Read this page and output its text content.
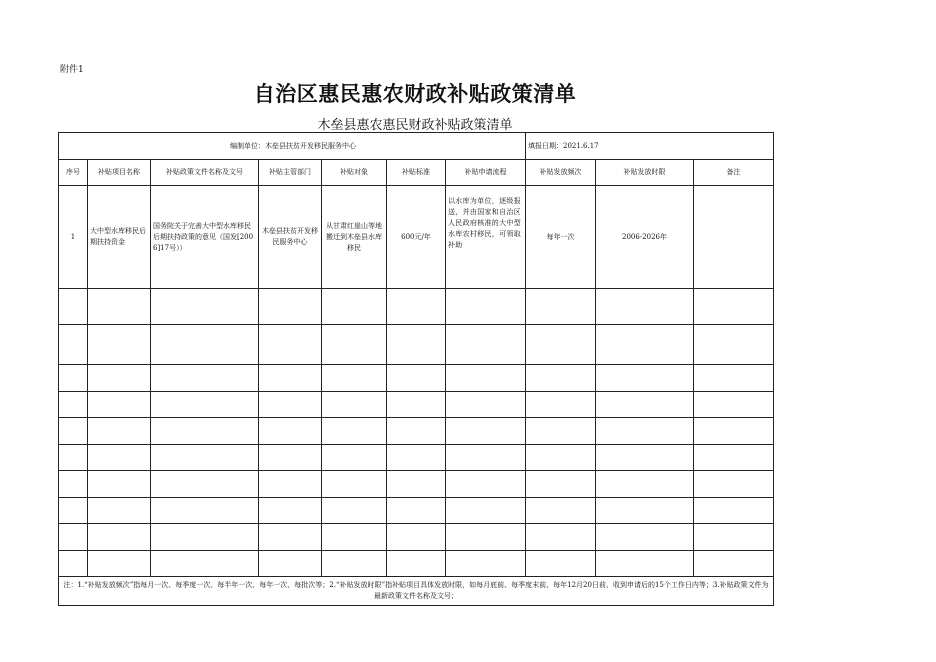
附件1
自治区惠民惠农财政补贴政策清单
木垒县惠农惠民财政补贴政策清单
编制单位：木垒县扶贫开发移民服务中心							填报日期：2021.6.17		
序号	补贴项目名称	补贴政策文件名称及文号	补贴主管部门	补贴对象	补贴标准	补贴申请流程	补贴发放频次	补贴发放时限	备注
1	大中型水库移民后期扶持资金	国务院关于完善大中型水库移民后期扶持政策的意见（国发[2006]17号））	木垒县扶贫开发移民服务中心	从甘肃红崖山等地搬迁到木垒县水库移民	600元/年	以水库为单位，逐级报送，并由国家和自治区人民政府核准的大中型水库农村移民，可领取补助	每年一次	2006-2026年	

注：1.“补贴发放频次”指每月一次、每季度一次、每半年一次、每年一次、每批次等；2.“补贴发放时限”指补贴项目具体发放时限，如每月底前、每季度末前、每年12月20日前、收到申请后的15个工作日内等；3.补贴政策文件为最新政策文件名称及文号；									
